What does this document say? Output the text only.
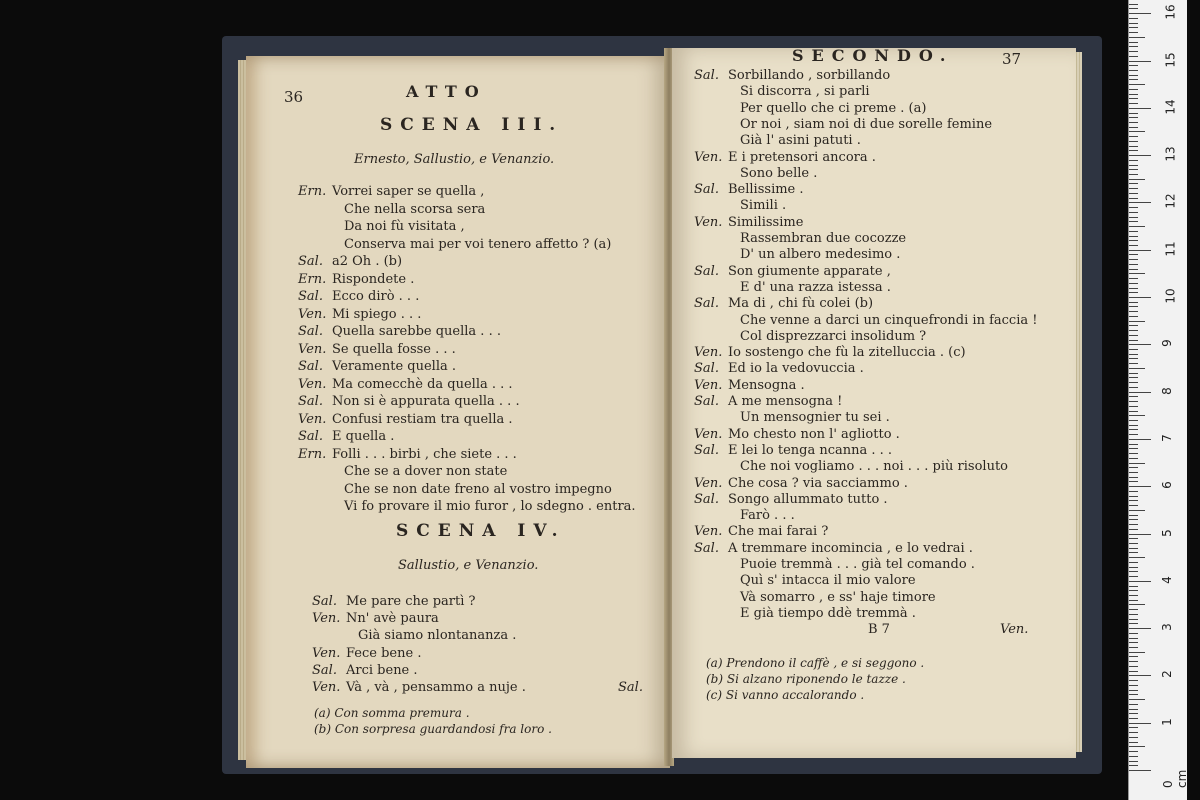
36	ATTO
SCENA III.
Ernesto, Sallustio, e Venanzio.
Ern. Vorrei saper se quella ,
Che nella scorsa sera
Da noi fù visitata ,
Conserva mai per voi tenero affetto ? (a)
Sal. a2 Oh . (b)
Ern. Rispondete .
Sal. Ecco dirò . . .
Ven. Mi spiego . . .
Sal. Quella sarebbe quella . . .
Ven. Se quella fosse . . .
Sal. Veramente quella .
Ven. Ma comecchè da quella . . .
Sal. Non si è appurata quella . . .
Ven. Confusi restiam tra quella .
Sal. E quella .
Ern. Folli . . . birbi , che siete . . .
Che se a dover non state
Che se non date freno al vostro impegno
Vi fo provare il mio furor , lo sdegno . entra.
SCENA IV.
Sallustio, e Venanzio.
Sal. Me pare che partì ?
Ven. Nn' avè paura
Già siamo nlontananza .
Ven. Fece bene .
Sal. Arci bene .
Ven. Và , và , pensammo a nuje .	Sal.
(a) Con somma premura .
(b) Con sorpresa guardandosi fra loro .
SECONDO.	37
Sal. Sorbillando , sorbillando
Si discorra , si parli
Per quello che ci preme . (a)
Or noi , siam noi di due sorelle femine
Già l' asini patuti .
Ven. E i pretensori ancora .
Sono belle .
Sal. Bellissime .
Simili .
Ven. Similissime
Rassembran due cocozze
D' un albero medesimo .
Sal. Son giumente apparate ,
E d' una razza istessa .
Sal. Ma di , chi fù colei (b)
Che venne a darci un cinquefrondi in faccia !
Col disprezzarci insolidum ?
Ven. Io sostengo che fù la zitelluccia . (c)
Sal. Ed io la vedovuccia .
Ven. Mensogna .
Sal. A me mensogna !
Un mensognier tu sei .
Ven. Mo chesto non l' agliotto .
Sal. E lei lo tenga ncanna . . .
Che noi vogliamo . . . noi . . . più risoluto
Ven. Che cosa ? via sacciammo .
Sal. Songo allummato tutto .
Farò . . .
Ven. Che mai farai ?
Sal. A tremmare incomincia , e lo vedrai .
Puoie tremmà . . . già tel comando .
Quì s' intacca il mio valore
Và somarro , e ss' haje timore
E già tiempo ddè tremmà .
B 7	Ven.
(a) Prendono il caffè , e si seggono .
(b) Si alzano riponendo le tazze .
(c) Si vanno accalorando .
0 cm
1
2
3
4
5
6
7
8
9
10
11
12
13
14
15
16
